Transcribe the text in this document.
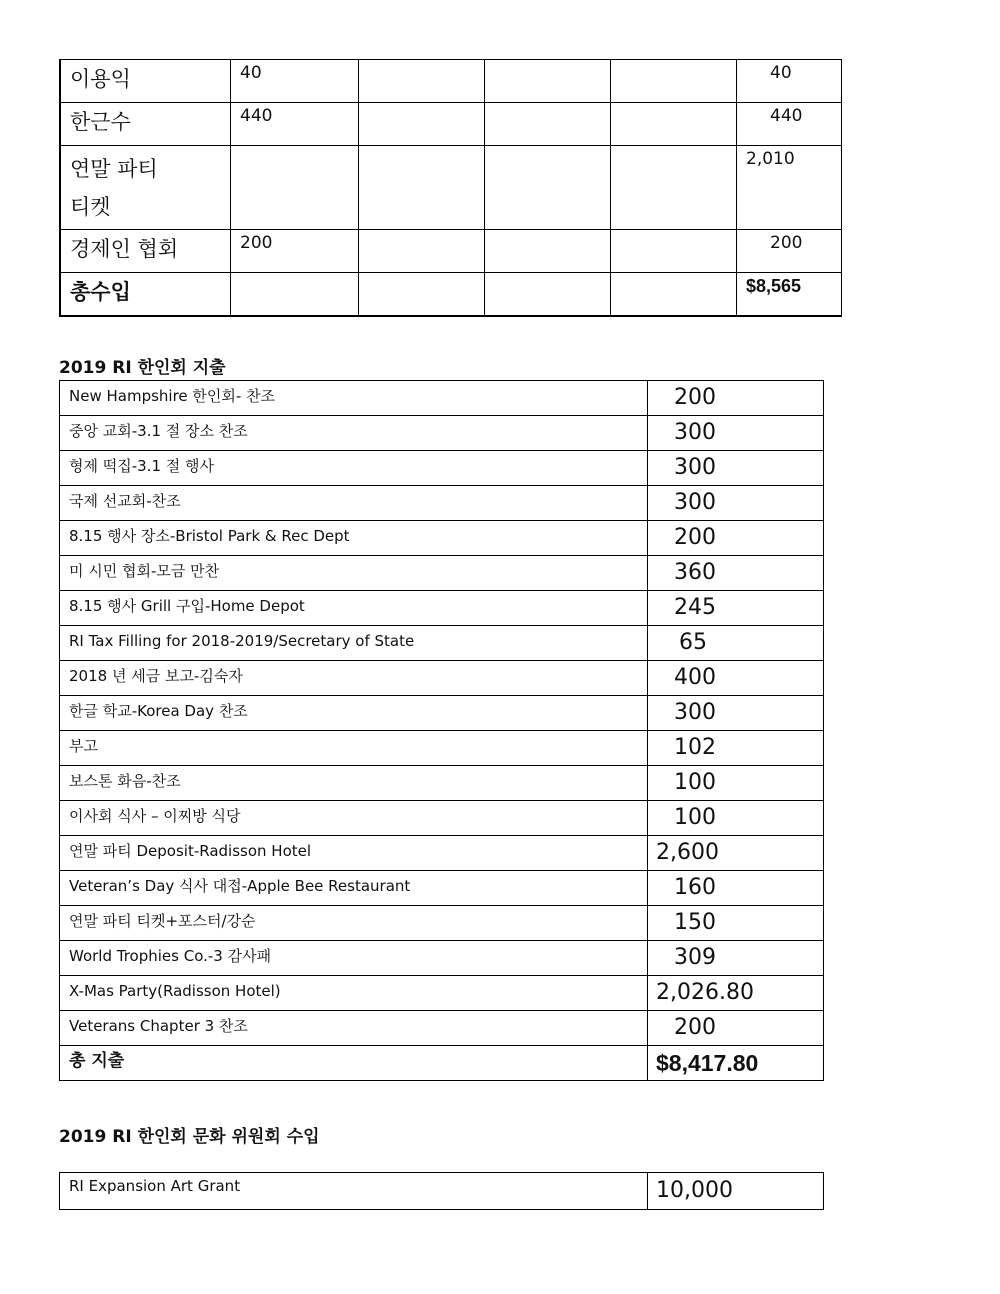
이용익	40				40
한근수	440				440

연말 파티
티켓					2,010
경제인 협회	200				200
총수입					$8,565
2019 RI 한인회 지출
New Hampshire 한인회- 찬조	200
중앙 교회-3.1 절 장소 찬조	300
형제 떡집-3.1 절 행사	300
국제 선교회-찬조	300
8.15 행사 장소-Bristol Park & Rec Dept	200
미 시민 협회-모금 만찬	360
8.15 행사 Grill 구입-Home Depot	245
RI Tax Filling for 2018-2019/Secretary of State	65
2018 년 세금 보고-김숙자	400
한글 학교-Korea Day 찬조	300
부고	102
보스톤 화음-찬조	100
이사회 식사 – 이찌방 식당	100
연말 파티 Deposit-Radisson Hotel	2,600
Veteran’s Day 식사 대접-Apple Bee Restaurant	160
연말 파티 티켓+포스터/강순	150
World Trophies Co.-3 감사패	309
X-Mas Party(Radisson Hotel)	2,026.80
Veterans Chapter 3 찬조	200
총 지출	$8,417.80
2019 RI 한인회 문화 위원회 수입
RI Expansion Art Grant	10,000
